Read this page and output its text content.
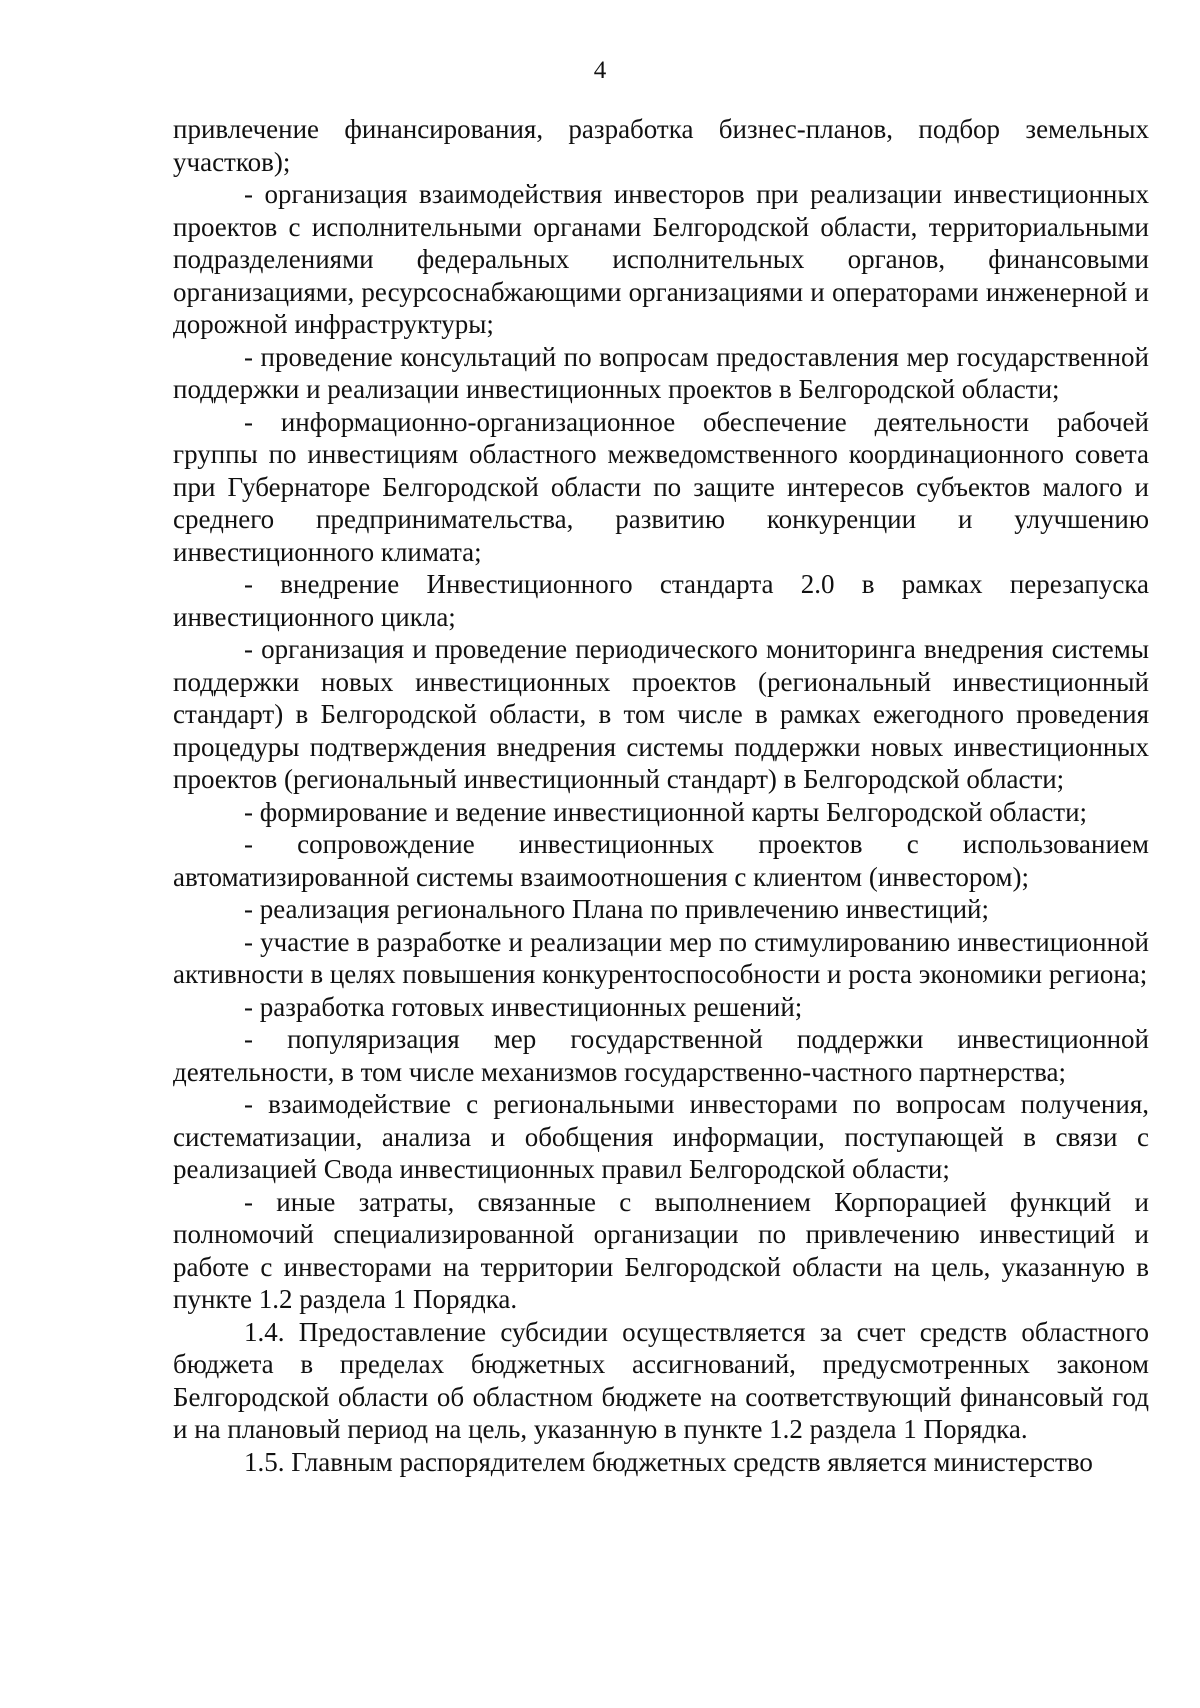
4

привлечение финансирования, разработка бизнес-планов, подбор земельных участков);

- организация взаимодействия инвесторов при реализации инвестиционных проектов с исполнительными органами Белгородской области, территориальными подразделениями федеральных исполнительных органов, финансовыми организациями, ресурсоснабжающими организациями и операторами инженерной и дорожной инфраструктуры;

- проведение консультаций по вопросам предоставления мер государственной поддержки и реализации инвестиционных проектов в Белгородской области;

- информационно-организационное обеспечение деятельности рабочей группы по инвестициям областного межведомственного координационного совета при Губернаторе Белгородской области по защите интересов субъектов малого и среднего предпринимательства, развитию конкуренции и улучшению инвестиционного климата;

- внедрение Инвестиционного стандарта 2.0 в рамках перезапуска инвестиционного цикла;

- организация и проведение периодического мониторинга внедрения системы поддержки новых инвестиционных проектов (региональный инвестиционный стандарт) в Белгородской области, в том числе в рамках ежегодного проведения процедуры подтверждения внедрения системы поддержки новых инвестиционных проектов (региональный инвестиционный стандарт) в Белгородской области;

- формирование и ведение инвестиционной карты Белгородской области;

- сопровождение инвестиционных проектов с использованием автоматизированной системы взаимоотношения с клиентом (инвестором);

- реализация регионального Плана по привлечению инвестиций;

- участие в разработке и реализации мер по стимулированию инвестиционной активности в целях повышения конкурентоспособности и роста экономики региона;

- разработка готовых инвестиционных решений;

- популяризация мер государственной поддержки инвестиционной деятельности, в том числе механизмов государственно-частного партнерства;

- взаимодействие с региональными инвесторами по вопросам получения, систематизации, анализа и обобщения информации, поступающей в связи с реализацией Свода инвестиционных правил Белгородской области;

- иные затраты, связанные с выполнением Корпорацией функций и полномочий специализированной организации по привлечению инвестиций и работе с инвесторами на территории Белгородской области на цель, указанную в пункте 1.2 раздела 1 Порядка.

1.4. Предоставление субсидии осуществляется за счет средств областного бюджета в пределах бюджетных ассигнований, предусмотренных законом Белгородской области об областном бюджете на соответствующий финансовый год и на плановый период на цель, указанную в пункте 1.2 раздела 1 Порядка.

1.5. Главным распорядителем бюджетных средств является министерство
